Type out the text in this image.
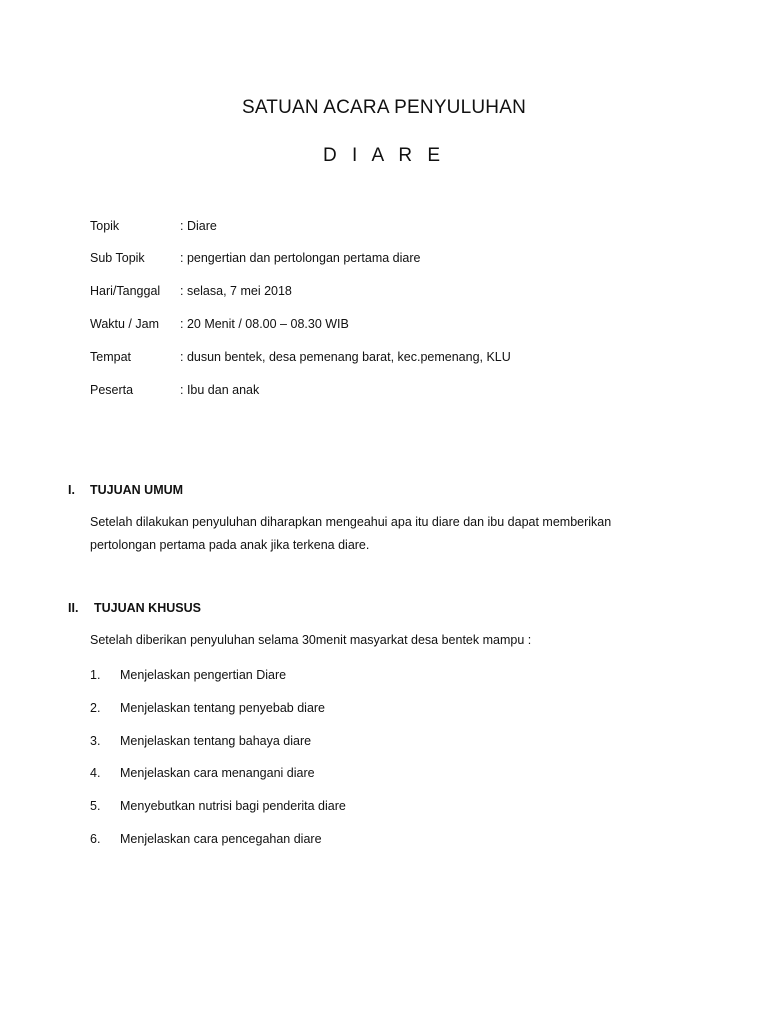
SATUAN ACARA PENYULUHAN
D I A R E
Topik	: Diare
Sub Topik	: pengertian dan pertolongan pertama diare
Hari/Tanggal : selasa, 7 mei 2018
Waktu / Jam : 20 Menit / 08.00 – 08.30 WIB
Tempat	: dusun bentek, desa pemenang barat, kec.pemenang, KLU
Peserta	: Ibu dan anak
I. TUJUAN UMUM
Setelah dilakukan penyuluhan diharapkan mengeahui apa itu diare dan ibu dapat memberikan pertolongan pertama pada anak jika terkena diare.
II. TUJUAN KHUSUS
Setelah diberikan penyuluhan selama 30menit masyarkat desa bentek mampu :
1. Menjelaskan pengertian Diare
2. Menjelaskan tentang penyebab diare
3. Menjelaskan tentang bahaya diare
4. Menjelaskan cara menangani diare
5. Menyebutkan nutrisi bagi penderita diare
6. Menjelaskan cara pencegahan diare
